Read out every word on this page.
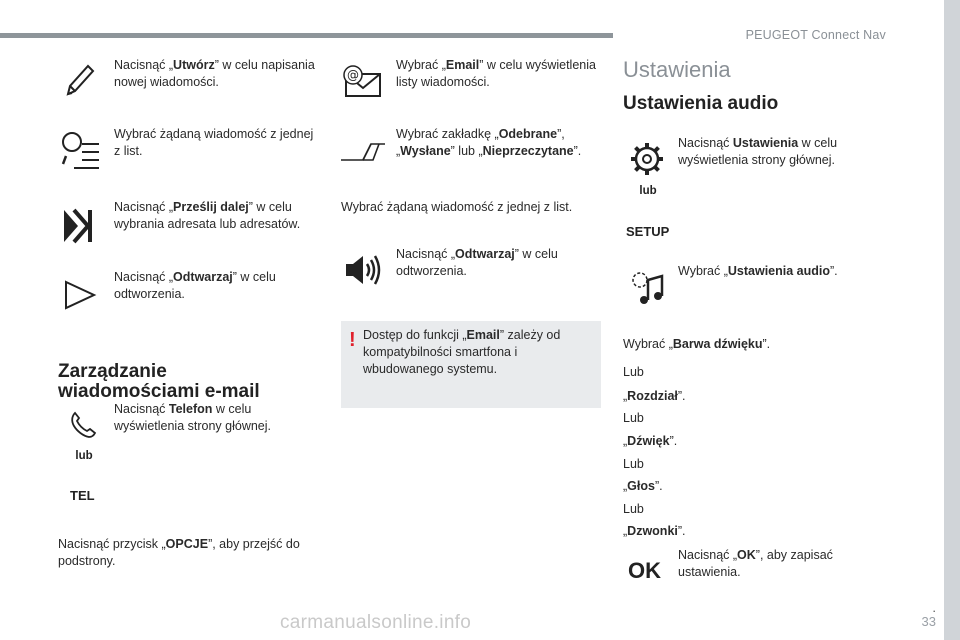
PEUGEOT Connect Nav
.
33
Nacisnąć „Utwórz” w celu napisania nowej wiadomości.
Wybrać żądaną wiadomość z jednej z list.
Nacisnąć „Prześlij dalej” w celu wybrania adresata lub adresatów.
Nacisnąć „Odtwarzaj” w celu odtworzenia.
Zarządzanie wiadomościami e-mail
Nacisnąć Telefon w celu wyświetlenia strony głównej.
lub
TEL
Nacisnąć przycisk „OPCJE”, aby przejść do podstrony.
@
Wybrać „Email” w celu wyświetlenia listy wiadomości.
Wybrać zakładkę „Odebrane”, „Wysłane” lub „Nieprzeczytane”.
Wybrać żądaną wiadomość z jednej z list.
Nacisnąć „Odtwarzaj” w celu odtworzenia.
! Dostęp do funkcji „Email” zależy od kompatybilności smartfona i wbudowanego systemu.
Ustawienia
Ustawienia audio
Nacisnąć Ustawienia w celu wyświetlenia strony głównej.
lub
SETUP
Wybrać „Ustawienia audio”.
Wybrać „Barwa dźwięku”.
Lub
„Rozdział”.
Lub
„Dźwięk”.
Lub
„Głos”.
Lub
„Dzwonki”.
OK
Nacisnąć „OK”, aby zapisać ustawienia.
carmanualsonline.info
